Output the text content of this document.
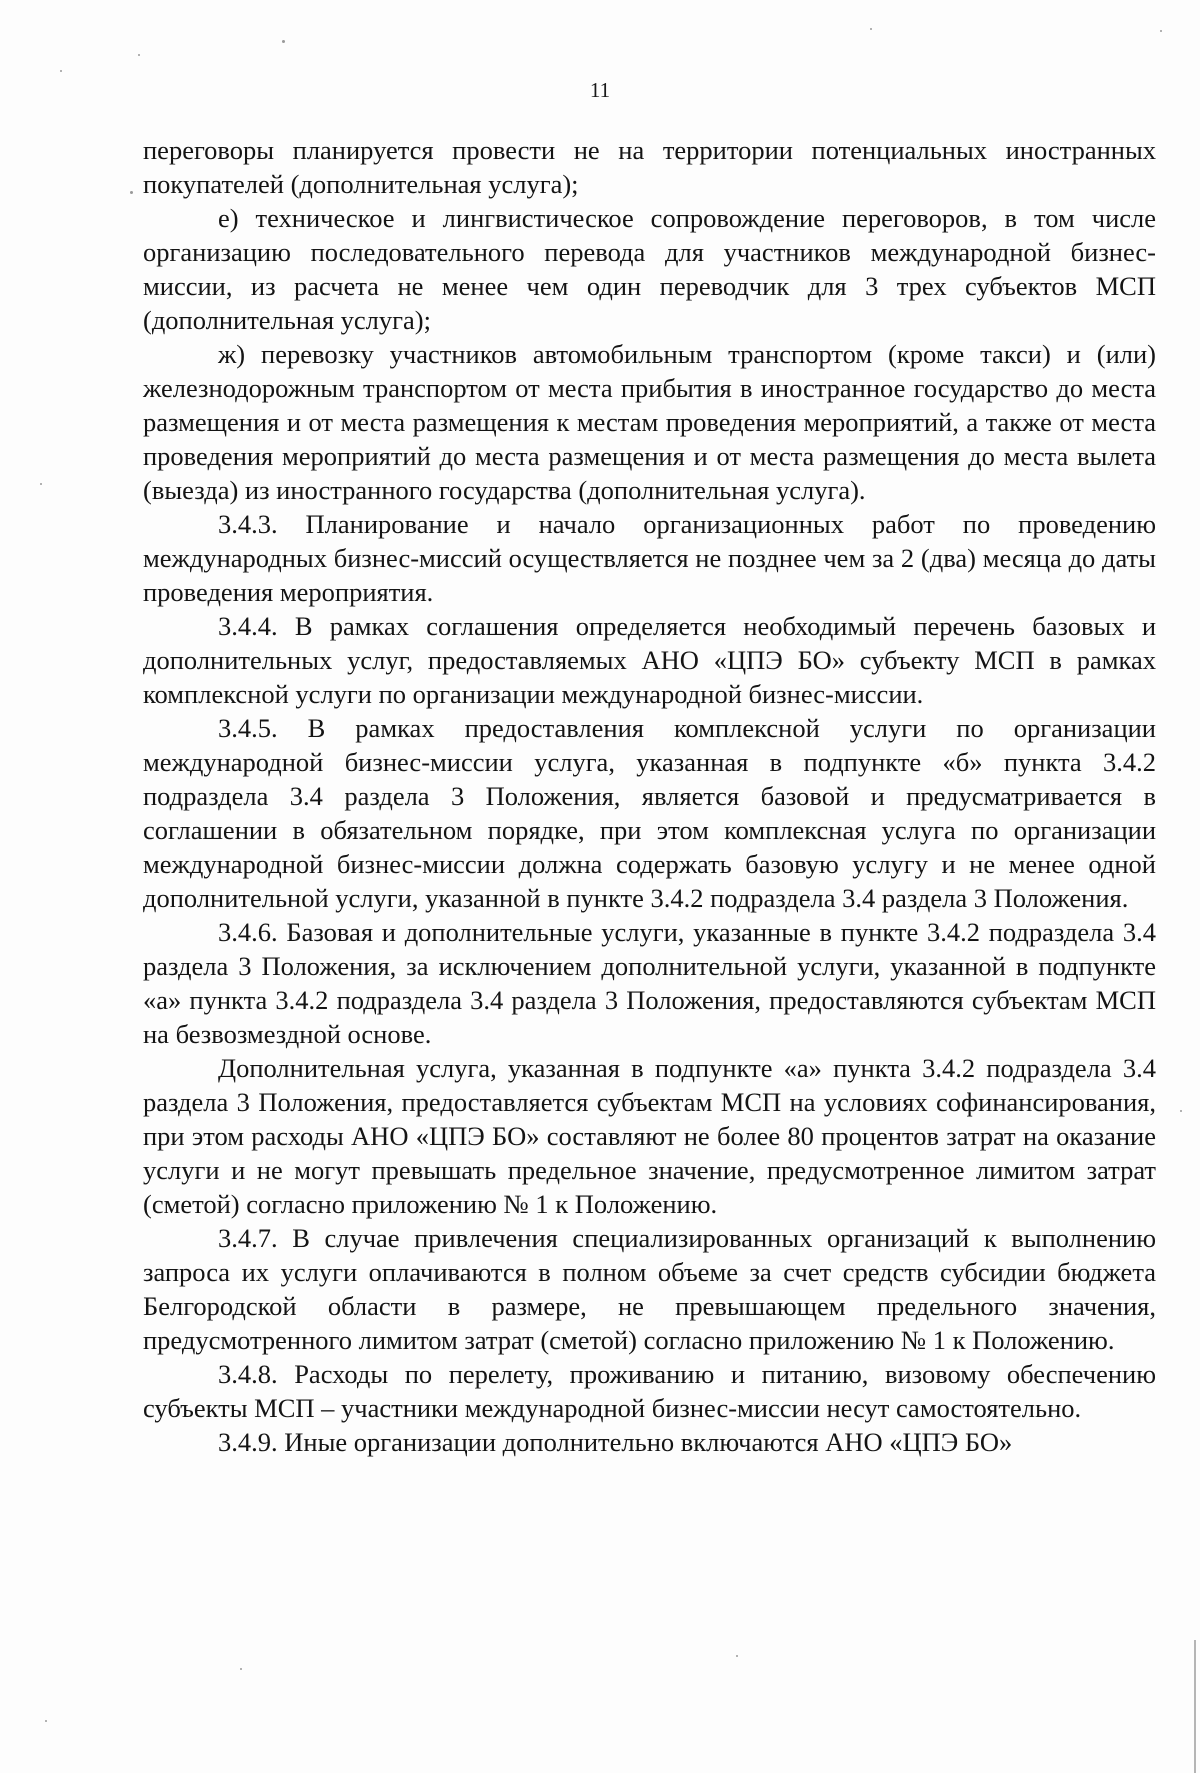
11

переговоры планируется провести не на территории потенциальных иностранных покупателей (дополнительная услуга);

е) техническое и лингвистическое сопровождение переговоров, в том числе организацию последовательного перевода для участников международной бизнес-миссии, из расчета не менее чем один переводчик для 3 трех субъектов МСП (дополнительная услуга);

ж) перевозку участников автомобильным транспортом (кроме такси) и (или) железнодорожным транспортом от места прибытия в иностранное государство до места размещения и от места размещения к местам проведения мероприятий, а также от места проведения мероприятий до места размещения и от места размещения до места вылета (выезда) из иностранного государства (дополнительная услуга).

3.4.3. Планирование и начало организационных работ по проведению международных бизнес-миссий осуществляется не позднее чем за 2 (два) месяца до даты проведения мероприятия.

3.4.4. В рамках соглашения определяется необходимый перечень базовых и дополнительных услуг, предоставляемых АНО «ЦПЭ БО» субъекту МСП в рамках комплексной услуги по организации международной бизнес-миссии.

3.4.5. В рамках предоставления комплексной услуги по организации международной бизнес-миссии услуга, указанная в подпункте «б» пункта 3.4.2 подраздела 3.4 раздела 3 Положения, является базовой и предусматривается в соглашении в обязательном порядке, при этом комплексная услуга по организации международной бизнес-миссии должна содержать базовую услугу и не менее одной дополнительной услуги, указанной в пункте 3.4.2 подраздела 3.4 раздела 3 Положения.

3.4.6. Базовая и дополнительные услуги, указанные в пункте 3.4.2 подраздела 3.4 раздела 3 Положения, за исключением дополнительной услуги, указанной в подпункте «а» пункта 3.4.2 подраздела 3.4 раздела 3 Положения, предоставляются субъектам МСП на безвозмездной основе.

Дополнительная услуга, указанная в подпункте «а» пункта 3.4.2 подраздела 3.4 раздела 3 Положения, предоставляется субъектам МСП на условиях софинансирования, при этом расходы АНО «ЦПЭ БО» составляют не более 80 процентов затрат на оказание услуги и не могут превышать предельное значение, предусмотренное лимитом затрат (сметой) согласно приложению № 1 к Положению.

3.4.7. В случае привлечения специализированных организаций к выполнению запроса их услуги оплачиваются в полном объеме за счет средств субсидии бюджета Белгородской области в размере, не превышающем предельного значения, предусмотренного лимитом затрат (сметой) согласно приложению № 1 к Положению.

3.4.8. Расходы по перелету, проживанию и питанию, визовому обеспечению субъекты МСП – участники международной бизнес-миссии несут самостоятельно.

3.4.9. Иные организации дополнительно включаются АНО «ЦПЭ БО»
